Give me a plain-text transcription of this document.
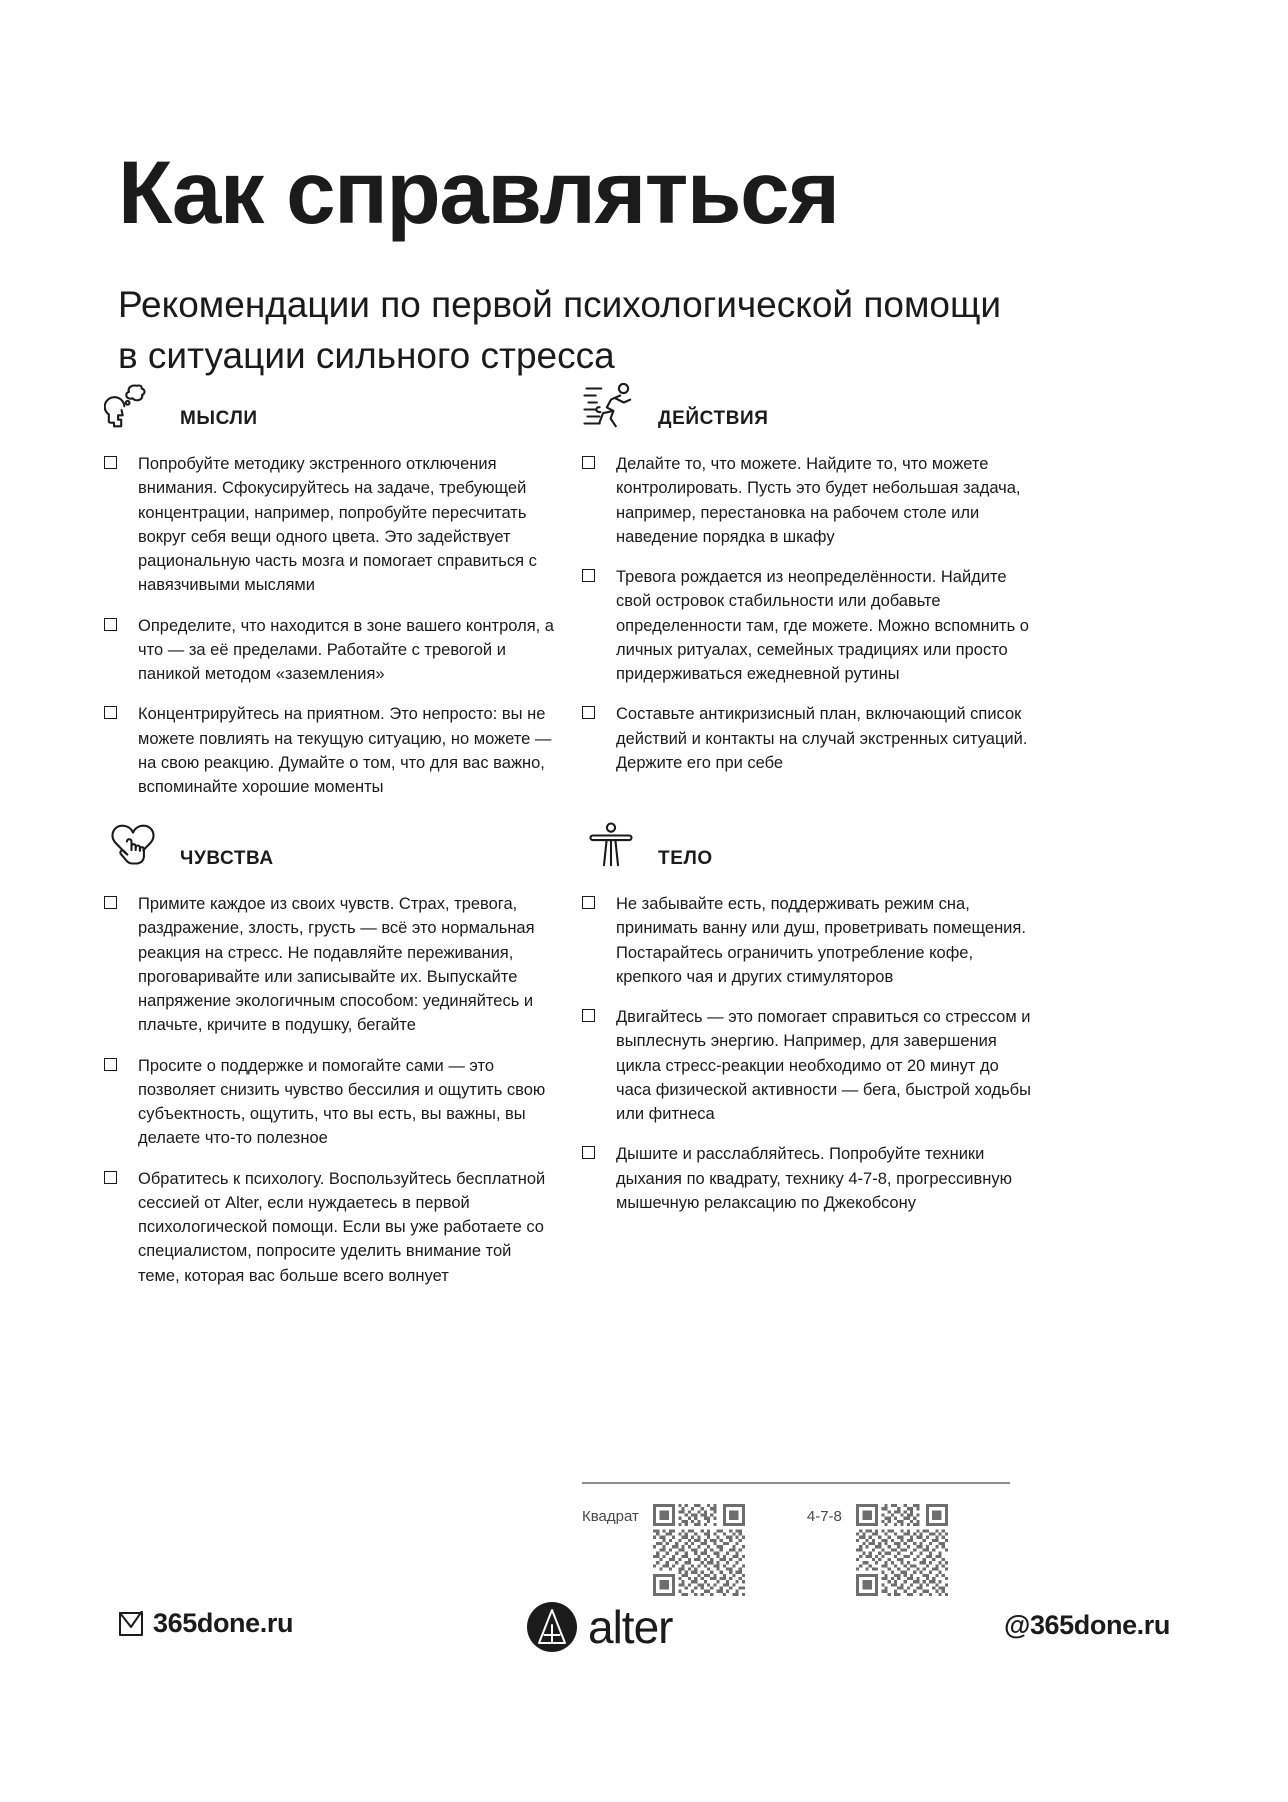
Как справляться

Рекомендации по первой психологической помощи в ситуации сильного стресса

МЫСЛИ
Попробуйте методику экстренного отключения внимания. Сфокусируйтесь на задаче, требующей концентрации, например, попробуйте пересчитать вокруг себя вещи одного цвета. Это задействует рациональную часть мозга и помогает справиться с навязчивыми мыслями
Определите, что находится в зоне вашего контроля, а что — за её пределами. Работайте с тревогой и паникой методом «заземления»
Концентрируйтесь на приятном. Это непросто: вы не можете повлиять на текущую ситуацию, но можете — на свою реакцию. Думайте о том, что для вас важно, вспоминайте хорошие моменты
ДЕЙСТВИЯ
Делайте то, что можете. Найдите то, что можете контролировать. Пусть это будет небольшая задача, например, перестановка на рабочем столе или наведение порядка в шкафу
Тревога рождается из неопределённости. Найдите свой островок стабильности или добавьте определенности там, где можете. Можно вспомнить о личных ритуалах, семейных традициях или просто придерживаться ежедневной рутины
Составьте антикризисный план, включающий список действий и контакты на случай экстренных ситуаций. Держите его при себе
ЧУВСТВА
Примите каждое из своих чувств. Страх, тревога, раздражение, злость, грусть — всё это нормальная реакция на стресс. Не подавляйте переживания, проговаривайте или записывайте их. Выпускайте напряжение экологичным способом: уединяйтесь и плачьте, кричите в подушку, бегайте
Просите о поддержке и помогайте сами — это позволяет снизить чувство бессилия и ощутить свою субъектность, ощутить, что вы есть, вы важны, вы делаете что-то полезное
Обратитесь к психологу. Воспользуйтесь бесплатной сессией от Alter, если нуждаетесь в первой психологической помощи. Если вы уже работаете со специалистом, попросите уделить внимание той теме, которая вас больше всего волнует
ТЕЛО
Не забывайте есть, поддерживать режим сна, принимать ванну или душ, проветривать помещения. Постарайтесь ограничить употребление кофе, крепкого чая и других стимуляторов
Двигайтесь — это помогает справиться со стрессом и выплеснуть энергию. Например, для завершения цикла стресс-реакции необходимо от 20 минут до часа физической активности — бега, быстрой ходьбы или фитнеса
Дышите и расслабляйтесь. Попробуйте техники дыхания по квадрату, технику 4-7-8, прогрессивную мышечную релаксацию по Джекобсону
Квадрат	4-7-8
365done.ru	alter	@365done.ru
